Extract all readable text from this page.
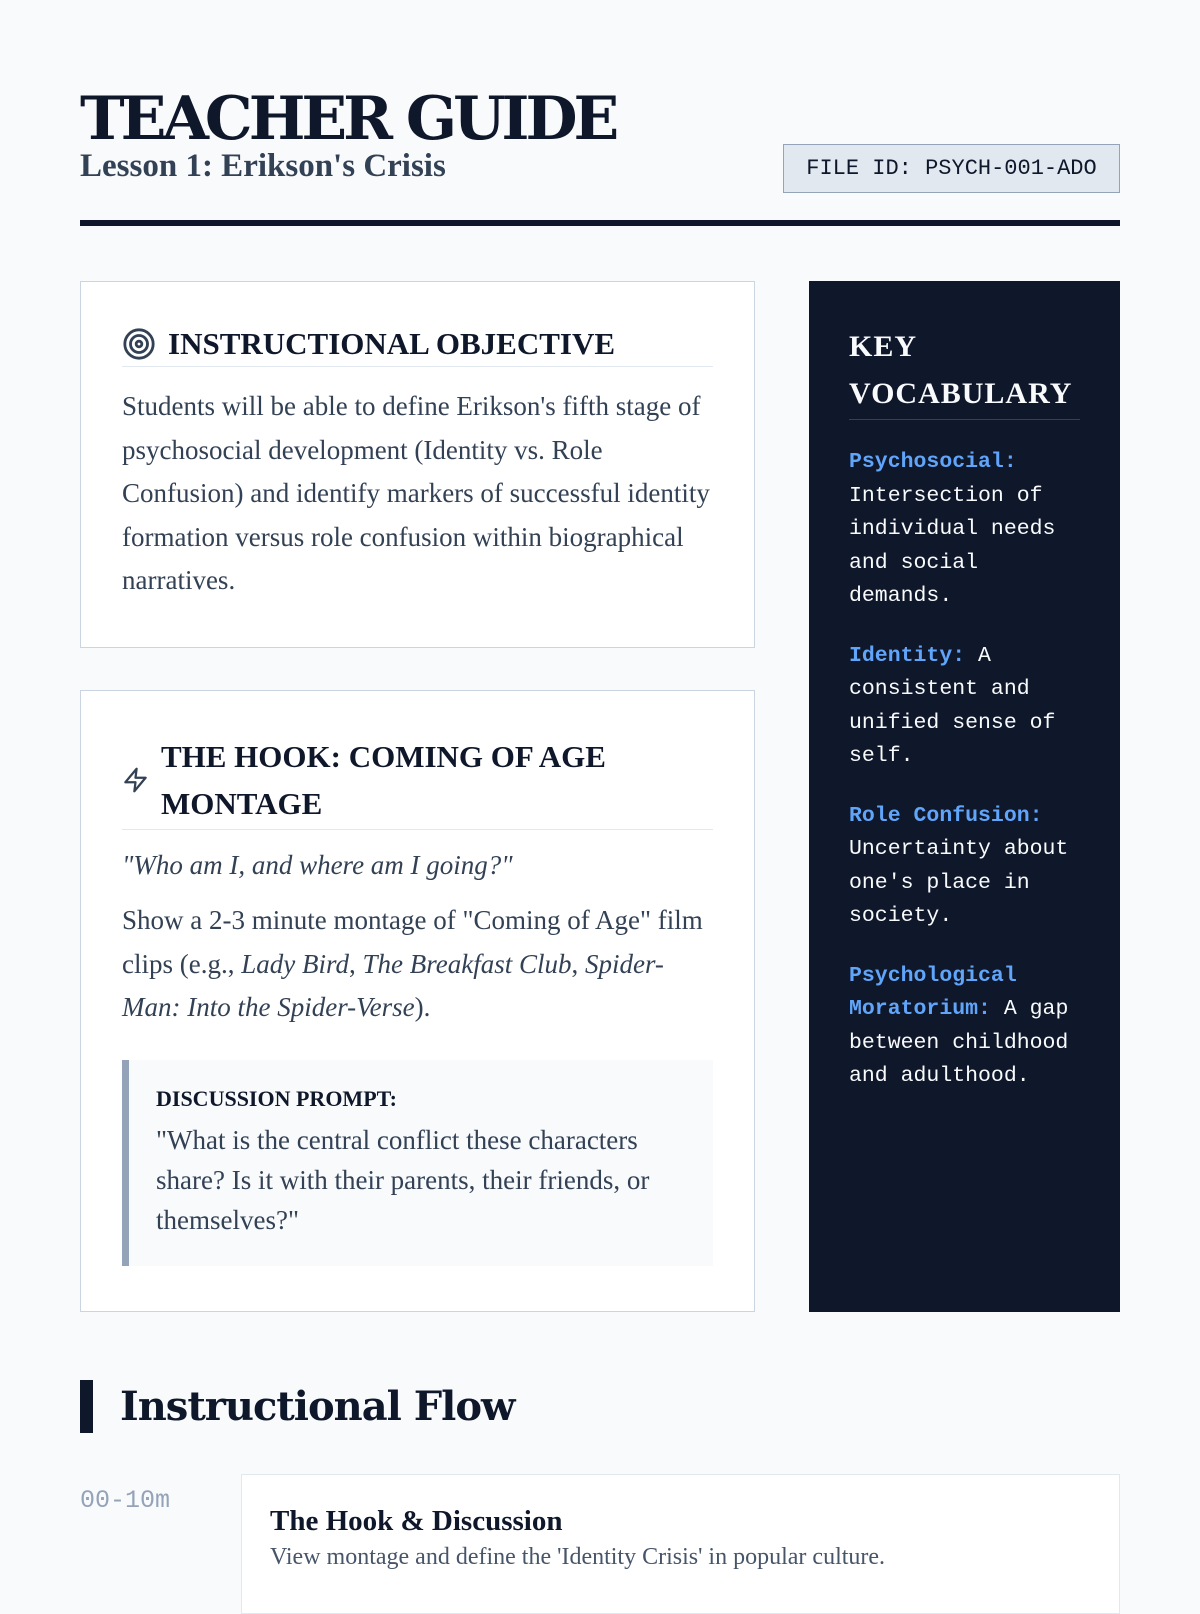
TEACHER GUIDE
Lesson 1: Erikson's Crisis	FILE ID: PSYCH-001-ADO
INSTRUCTIONAL OBJECTIVE

Students will be able to define Erikson's fifth stage of psychosocial development (Identity vs. Role Confusion) and identify markers of successful identity formation versus role confusion within biographical narratives.

THE HOOK: COMING OF AGE MONTAGE
"Who am I, and where am I going?"

Show a 2-3 minute montage of "Coming of Age" film clips (e.g., Lady Bird, The Breakfast Club, Spider-Man: Into the Spider-Verse).

DISCUSSION PROMPT:
"What is the central conflict these characters share? Is it with their parents, their friends, or themselves?"
KEY VOCABULARY
Psychosocial: Intersection of individual needs and social demands.
Identity: A consistent and unified sense of self.
Role Confusion: Uncertainty about one's place in society.
Psychological Moratorium: A gap between childhood and adulthood.
Instructional Flow
00-10m
The Hook & Discussion

View montage and define the 'Identity Crisis' in popular culture.
